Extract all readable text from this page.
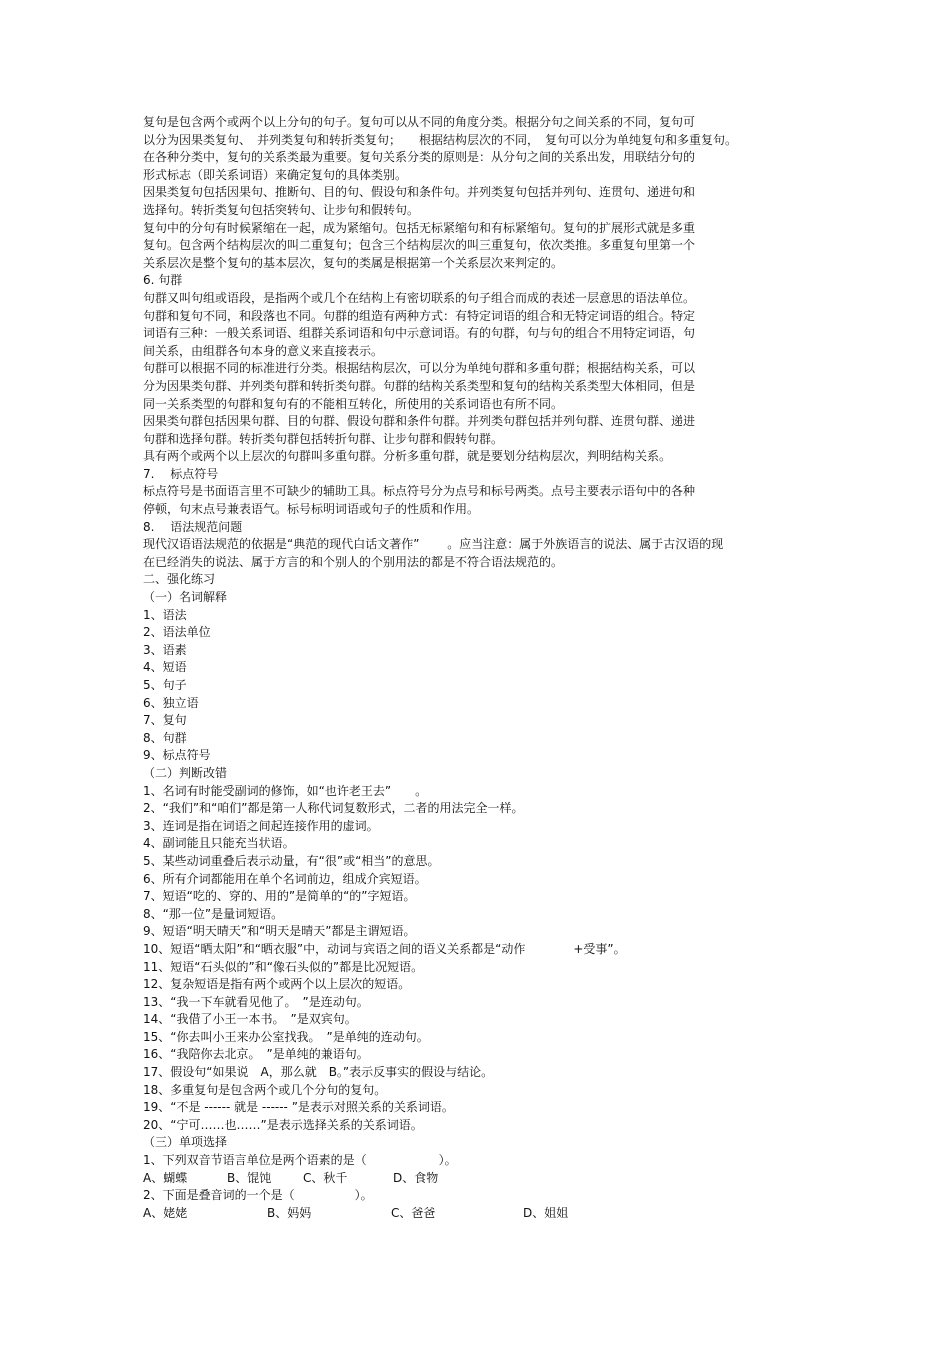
复句是包含两个或两个以上分句的句子。复句可以从不同的角度分类。根据分句之间关系的不同，复句可
以分为因果类复句、　并列类复句和转折类复句；　　根据结构层次的不同，　复句可以分为单纯复句和多重复句。
在各种分类中，复句的关系类最为重要。复句关系分类的原则是：从分句之间的关系出发，用联结分句的
形式标志（即关系词语）来确定复句的具体类别。
因果类复句包括因果句、推断句、目的句、假设句和条件句。并列类复句包括并列句、连贯句、递进句和
选择句。转折类复句包括突转句、让步句和假转句。
复句中的分句有时候紧缩在一起，成为紧缩句。包括无标紧缩句和有标紧缩句。复句的扩展形式就是多重
复句。包含两个结构层次的叫二重复句；包含三个结构层次的叫三重复句，依次类推。多重复句里第一个
关系层次是整个复句的基本层次，复句的类属是根据第一个关系层次来判定的。
6. 句群
句群又叫句组或语段，是指两个或几个在结构上有密切联系的句子组合而成的表述一层意思的语法单位。
句群和复句不同，和段落也不同。句群的组造有两种方式：有特定词语的组合和无特定词语的组合。特定
词语有三种：一般关系词语、组群关系词语和句中示意词语。有的句群，句与句的组合不用特定词语，句
间关系，由组群各句本身的意义来直接表示。
句群可以根据不同的标准进行分类。根据结构层次，可以分为单纯句群和多重句群；根据结构关系，可以
分为因果类句群、并列类句群和转折类句群。句群的结构关系类型和复句的结构关系类型大体相同，但是
同一关系类型的句群和复句有的不能相互转化，所使用的关系词语也有所不同。
因果类句群包括因果句群、目的句群、假设句群和条件句群。并列类句群包括并列句群、连贯句群、递进
句群和选择句群。转折类句群包括转折句群、让步句群和假转句群。
具有两个或两个以上层次的句群叫多重句群。分析多重句群，就是要划分结构层次，判明结构关系。
7.　 标点符号
标点符号是书面语言里不可缺少的辅助工具。标点符号分为点号和标号两类。点号主要表示语句中的各种
停顿，句末点号兼表语气。标号标明词语或句子的性质和作用。
8.　 语法规范问题
现代汉语语法规范的依据是“典范的现代白话文著作”　　 。应当注意：属于外族语言的说法、属于古汉语的现
在已经消失的说法、属于方言的和个别人的个别用法的都是不符合语法规范的。
二、强化练习
（一）名词解释
1、语法
2、语法单位
3、语素
4、短语
5、句子
6、独立语
7、复句
8、句群
9、标点符号
（二）判断改错
1、名词有时能受副词的修饰，如“也许老王去”　　。
2、“我们”和“咱们”都是第一人称代词复数形式，二者的用法完全一样。
3、连词是指在词语之间起连接作用的虚词。
4、副词能且只能充当状语。
5、某些动词重叠后表示动量，有“很”或“相当”的意思。
6、所有介词都能用在单个名词前边，组成介宾短语。
7、短语“吃的、穿的、用的”是简单的“的”字短语。
8、“那一位”是量词短语。
9、短语“明天晴天”和“明天是晴天”都是主谓短语。
10、短语“晒太阳”和“晒衣服”中，动词与宾语之间的语义关系都是“动作　　　　+受事”。
11、短语“石头似的”和“像石头似的”都是比况短语。
12、复杂短语是指有两个或两个以上层次的短语。
13、“我一下车就看见他了。　”是连动句。
14、“我借了小王一本书。　”是双宾句。
15、“你去叫小王来办公室找我。　”是单纯的连动句。
16、“我陪你去北京。　”是单纯的兼语句。
17、假设句“如果说　A，那么就　B。”表示反事实的假设与结论。
18、多重复句是包含两个或几个分句的复句。
19、“不是 ------ 就是 ------ ”是表示对照关系的关系词语。
20、“宁可……也……”是表示选择关系的关系词语。
（三）单项选择
1、下列双音节语言单位是两个语素的是（　　　　　　）。
A、蝴蝶	B、馄饨	C、秋千	D、食物
2、下面是叠音词的一个是（　　　　　）。
A、姥姥	B、妈妈	C、爸爸	D、姐姐
